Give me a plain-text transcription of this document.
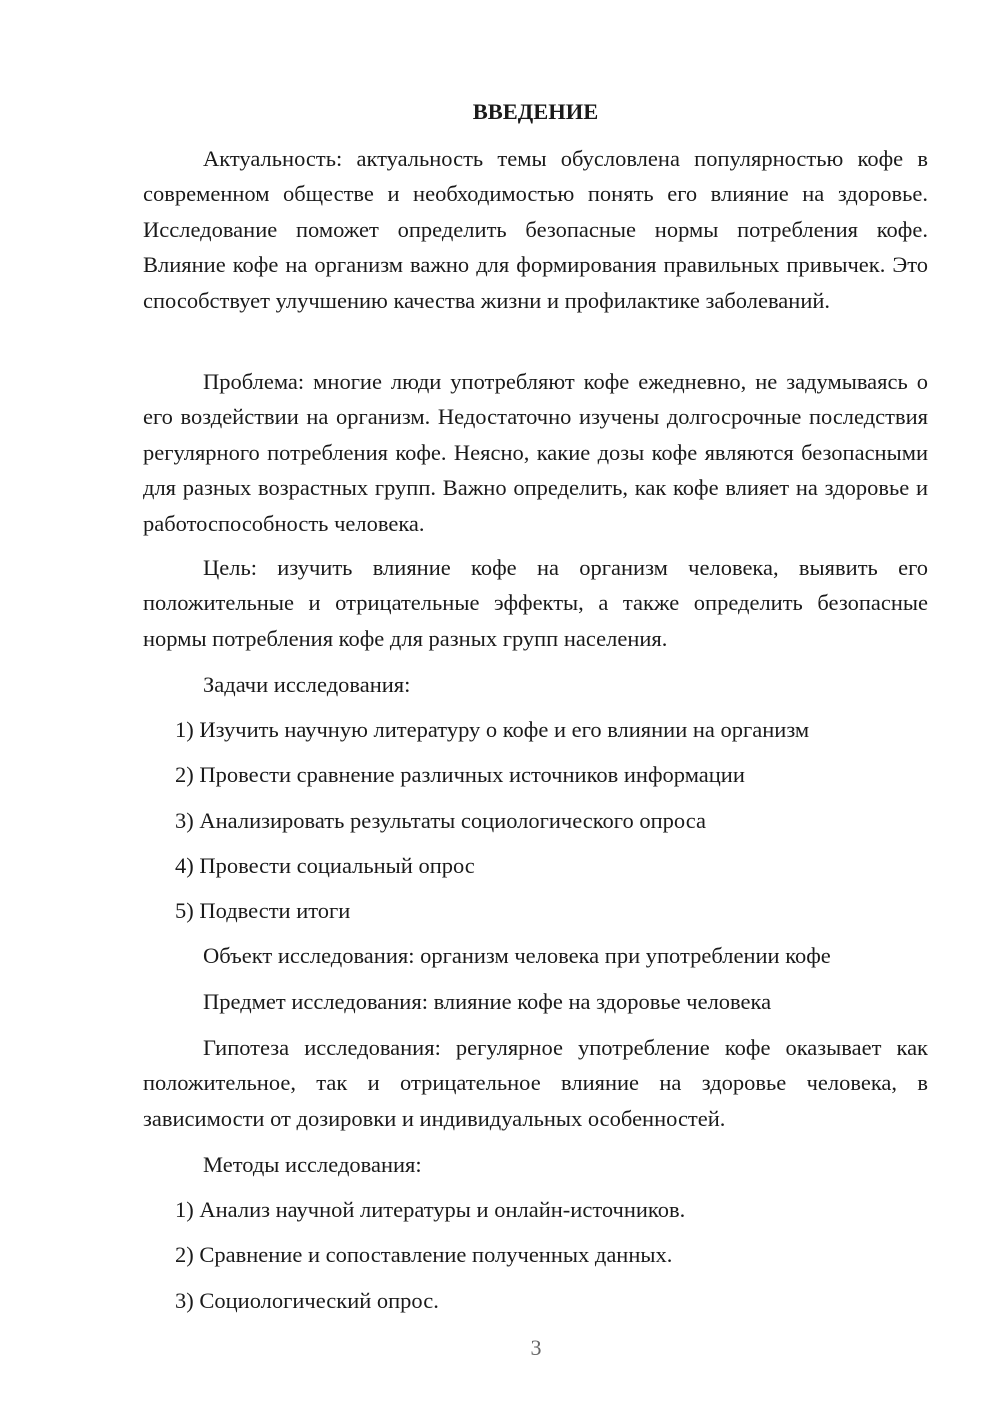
ВВЕДЕНИЕ

Актуальность: актуальность темы обусловлена популярностью кофе в современном обществе и необходимостью понять его влияние на здоровье. Исследование поможет определить безопасные нормы потребления кофе. Влияние кофе на организм важно для формирования правильных привычек. Это способствует улучшению качества жизни и профилактике заболеваний.

Проблема: многие люди употребляют кофе ежедневно, не задумываясь о его воздействии на организм. Недостаточно изучены долгосрочные последствия регулярного потребления кофе. Неясно, какие дозы кофе являются безопасными для разных возрастных групп. Важно определить, как кофе влияет на здоровье и работоспособность человека.

Цель: изучить влияние кофе на организм человека, выявить его положительные и отрицательные эффекты, а также определить безопасные нормы потребления кофе для разных групп населения.

Задачи исследования:
1) Изучить научную литературу о кофе и его влиянии на организм
2) Провести сравнение различных источников информации
3) Анализировать результаты социологического опроса
4) Провести социальный опрос
5) Подвести итоги
Объект исследования: организм человека при употреблении кофе
Предмет исследования: влияние кофе на здоровье человека

Гипотеза исследования: регулярное употребление кофе оказывает как положительное, так и отрицательное влияние на здоровье человека, в зависимости от дозировки и индивидуальных особенностей.

Методы исследования:
1) Анализ научной литературы и онлайн-источников.
2) Сравнение и сопоставление полученных данных.
3) Социологический опрос.
3
